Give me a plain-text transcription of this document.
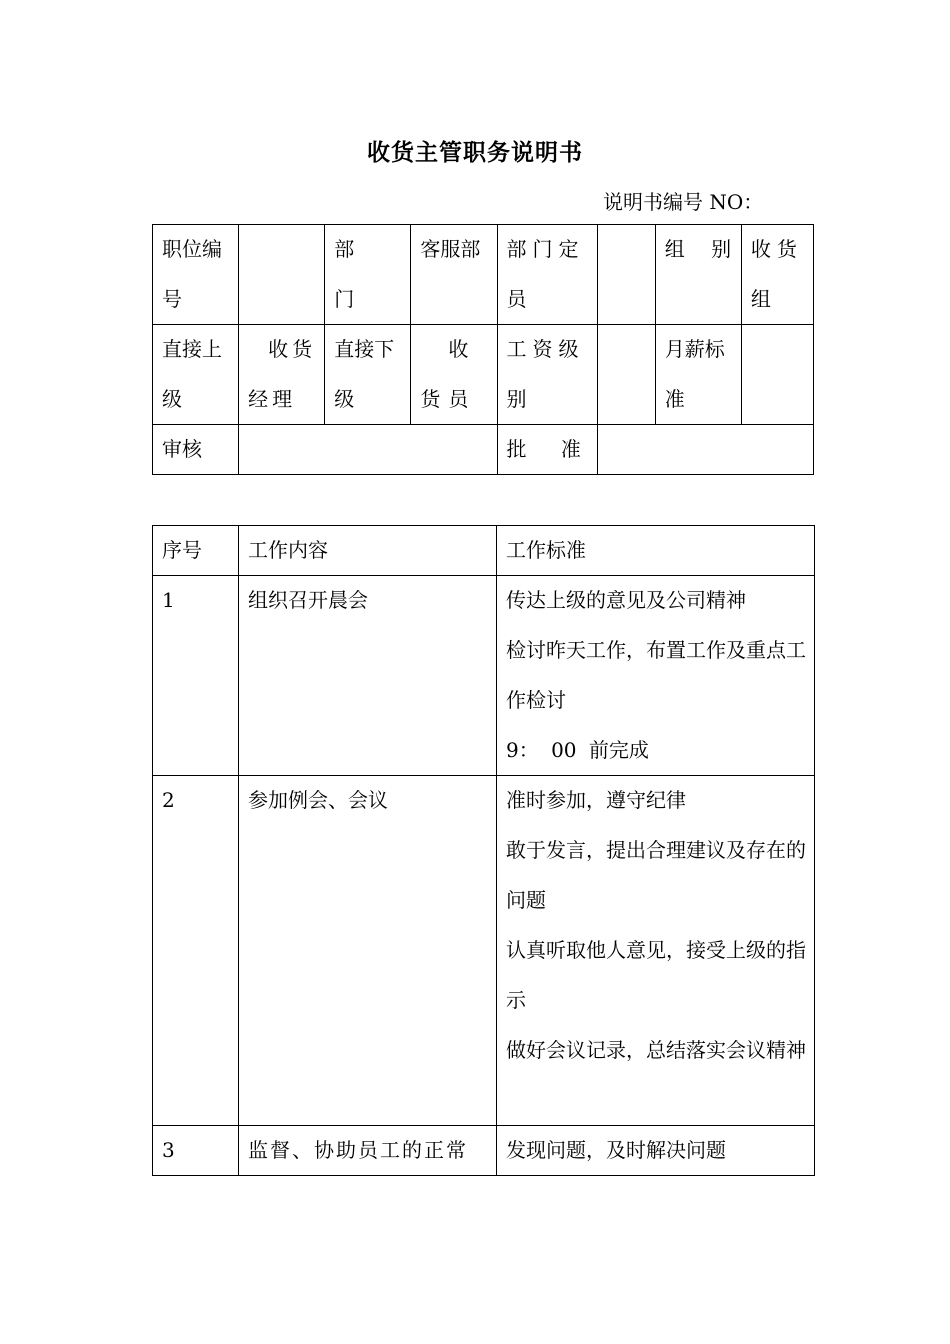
收货主管职务说明书
说明书编号 NO：
职位编号		部 门	客服部	部门定员		组 别	收货组

直接上级	收货经理	直接下级	收货员	工资级别		月薪标准	

审核				批 准			

序号	工作内容	工作标准

1	组织召开晨会	传达上级的意见及公司精神
检讨昨天工作，布置工作及重点工作检讨
9： 00 前完成

2	参加例会、会议	准时参加，遵守纪律
敢于发言，提出合理建议及存在的问题
认真听取他人意见，接受上级的指示
做好会议记录，总结落实会议精神

3	监督、协助员工的正常	发现问题，及时解决问题
